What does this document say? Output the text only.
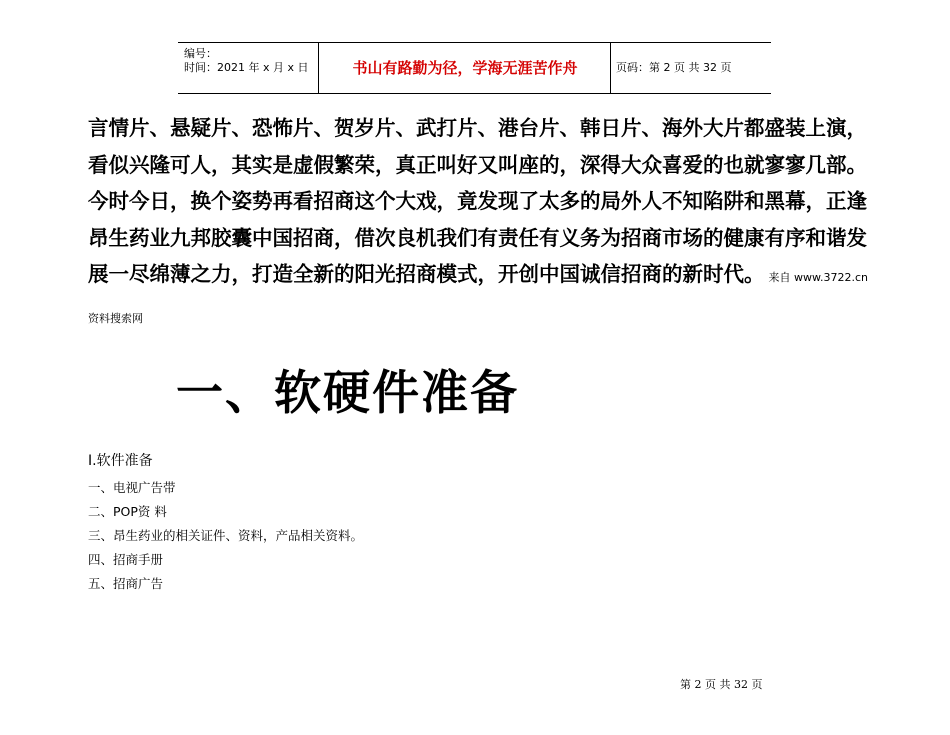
编号：
时间：2021 年 x 月 x 日	书山有路勤为径，学海无涯苦作舟	页码：第 2 页 共 32 页
言情片、悬疑片、恐怖片、贺岁片、武打片、港台片、韩日片、海外大片都盛装上演，看似兴隆可人，其实是虚假繁荣，真正叫好又叫座的，深得大众喜爱的也就寥寥几部。今时今日，换个姿势再看招商这个大戏，竟发现了太多的局外人不知陷阱和黑幕，正逢昂生药业九邦胶囊中国招商，借次良机我们有责任有义务为招商市场的健康有序和谐发展一尽绵薄之力，打造全新的阳光招商模式，开创中国诚信招商的新时代。 来自 www.3722.cn资料搜索网
一、软硬件准备
Ⅰ.软件准备
一、电视广告带
二、POP资 料
三、昂生药业的相关证件、资料，产品相关资料。
四、招商手册
五、招商广告
第 2 页 共 32 页
